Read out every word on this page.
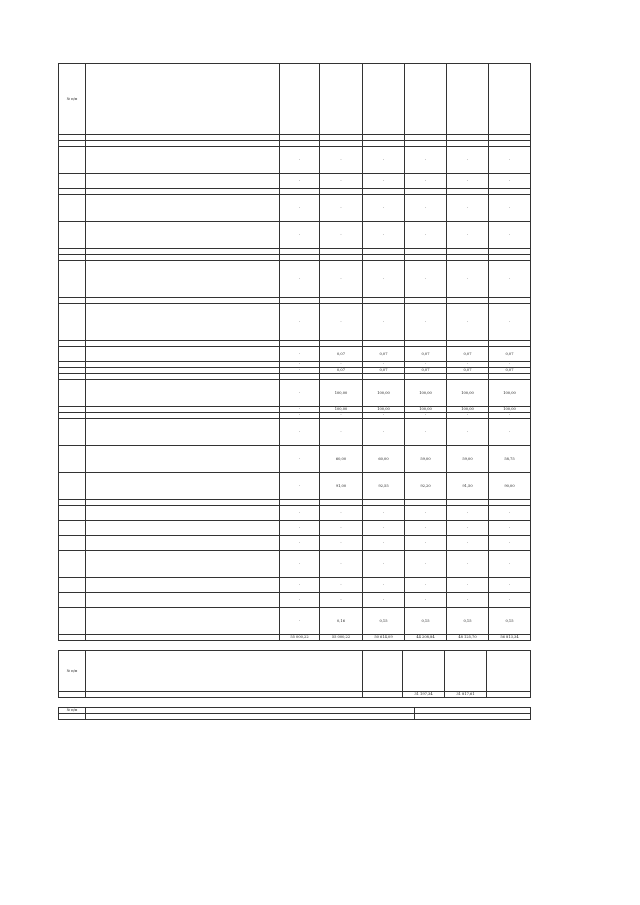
№ п/п							

		-	-	-	-	-	-
		-	-	-	-	-	-

		-	-	-	-	-	-
		-	-	-	-	-	-

		-	-	-	-	-	-

		-	-	-	-	-	-

		-	0,07	0,07	0,07	0,07	0,07
		-	-	-	-	-	-
		-	0,07	0,07	0,07	0,07	0,07

		-	100,00	100,00	100,00	100,00	100,00
		-	100,00	100,00	100,00	100,00	100,00
		-	-	-	-	-	-
		-	-	-	-	-	-
		-	60,00	60,00	59,00	59,00	58,75
		-	91,00	92,55	92,20	91,50	90,00

		-	-	-	-	-	-
		-	-	-	-	-	-
		-	-	-	-	-	-
		-	-	-	-	-	-
		-	-	-	-	-	-
		-	-	-	-	-	-
		-	0,16	0,15	0,15	0,15	0,15
		55 000,22	55 000,22	50 614,09	44 208,84	48 125,70	56 813,34
№ п/п					
			31 197,34	31 817,61	
№ п/п		
